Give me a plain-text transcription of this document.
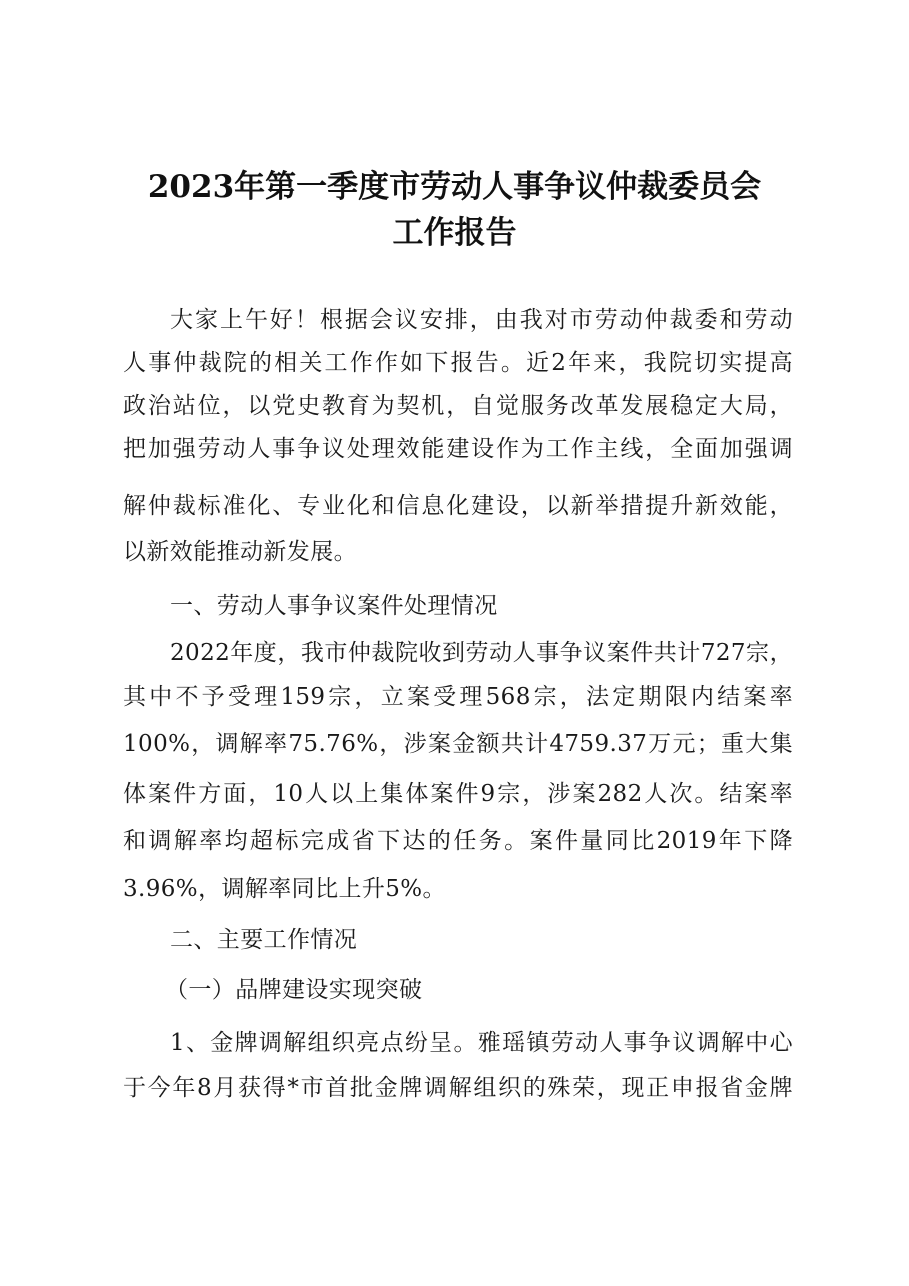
2023年第一季度市劳动人事争议仲裁委员会
工作报告
大家上午好！根据会议安排，由我对市劳动仲裁委和劳动
人事仲裁院的相关工作作如下报告。近2年来，我院切实提高
政治站位，以党史教育为契机，自觉服务改革发展稳定大局，
把加强劳动人事争议处理效能建设作为工作主线，全面加强调
解仲裁标准化、专业化和信息化建设，以新举措提升新效能，
以新效能推动新发展。
一、劳动人事争议案件处理情况
2022年度，我市仲裁院收到劳动人事争议案件共计727宗，
其中不予受理159宗，立案受理568宗，法定期限内结案率
100%，调解率75.76%，涉案金额共计4759.37万元；重大集
体案件方面，10人以上集体案件9宗，涉案282人次。结案率
和调解率均超标完成省下达的任务。案件量同比2019年下降
3.96%，调解率同比上升5%。
二、主要工作情况
（一）品牌建设实现突破
1、金牌调解组织亮点纷呈。雅瑶镇劳动人事争议调解中心
于今年8月获得*市首批金牌调解组织的殊荣，现正申报省金牌
